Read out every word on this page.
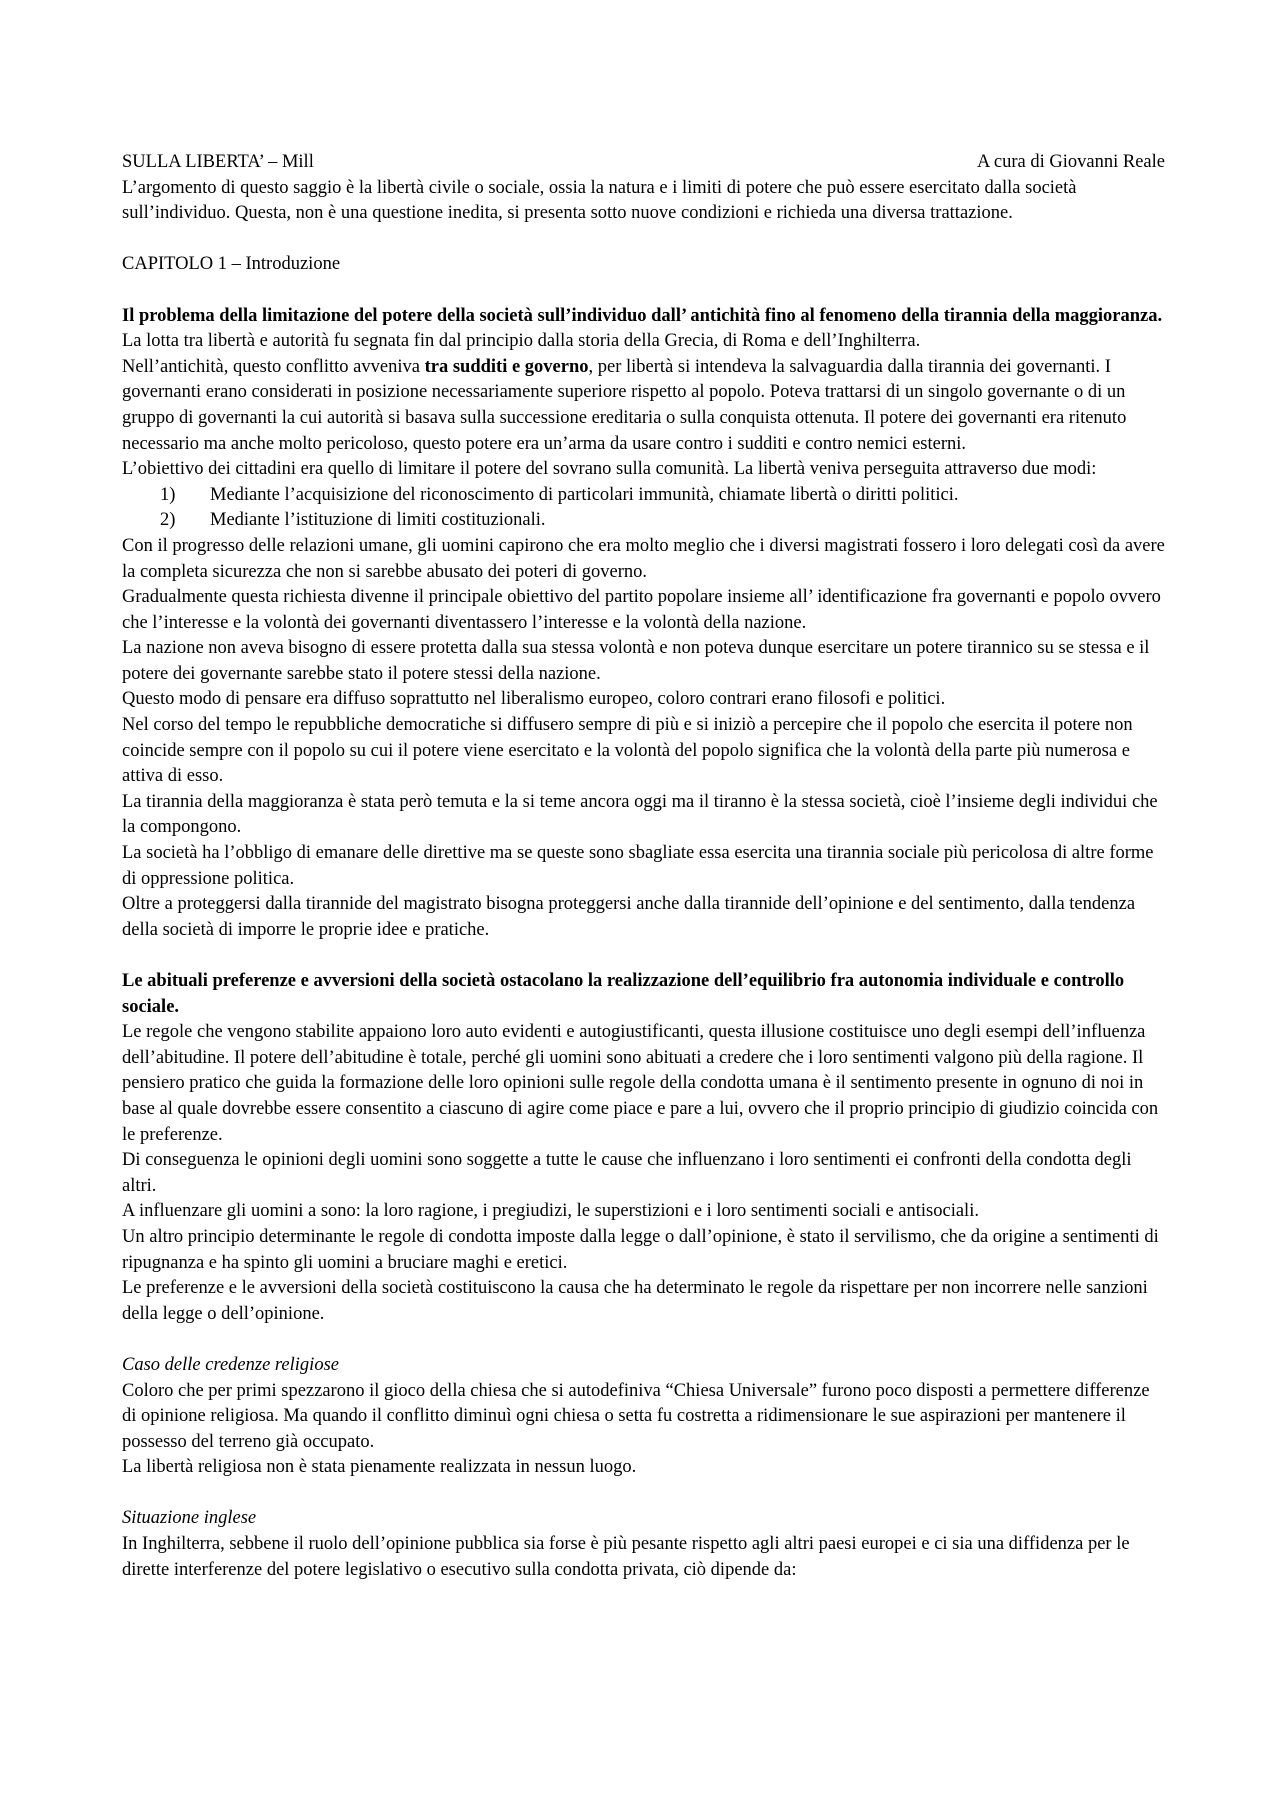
SULLA LIBERTA’ – Mill	A cura di Giovanni Reale

L’argomento di questo saggio è la libertà civile o sociale, ossia la natura e i limiti di potere che può essere esercitato dalla società sull’individuo. Questa, non è una questione inedita, si presenta sotto nuove condizioni e richieda una diversa trattazione.

CAPITOLO 1 – Introduzione

Il problema della limitazione del potere della società sull’individuo dall’ antichità fino al fenomeno della tirannia della maggioranza.

La lotta tra libertà e autorità fu segnata fin dal principio dalla storia della Grecia, di Roma e dell’Inghilterra.

Nell’antichità, questo conflitto avveniva tra sudditi e governo, per libertà si intendeva la salvaguardia dalla tirannia dei governanti. I governanti erano considerati in posizione necessariamente superiore rispetto al popolo. Poteva trattarsi di un singolo governante o di un gruppo di governanti la cui autorità si basava sulla successione ereditaria o sulla conquista ottenuta. Il potere dei governanti era ritenuto necessario ma anche molto pericoloso, questo potere era un’arma da usare contro i sudditi e contro nemici esterni.

L’obiettivo dei cittadini era quello di limitare il potere del sovrano sulla comunità. La libertà veniva perseguita attraverso due modi:

1)	Mediante l’acquisizione del riconoscimento di particolari immunità, chiamate libertà o diritti politici.
2)	Mediante l’istituzione di limiti costituzionali.

Con il progresso delle relazioni umane, gli uomini capirono che era molto meglio che i diversi magistrati fossero i loro delegati così da avere la completa sicurezza che non si sarebbe abusato dei poteri di governo.

Gradualmente questa richiesta divenne il principale obiettivo del partito popolare insieme all’ identificazione fra governanti e popolo ovvero che l’interesse e la volontà dei governanti diventassero l’interesse e la volontà della nazione.

La nazione non aveva bisogno di essere protetta dalla sua stessa volontà e non poteva dunque esercitare un potere tirannico su se stessa e il potere dei governante sarebbe stato il potere stessi della nazione.

Questo modo di pensare era diffuso soprattutto nel liberalismo europeo, coloro contrari erano filosofi e politici.

Nel corso del tempo le repubbliche democratiche si diffusero sempre di più e si iniziò a percepire che il popolo che esercita il potere non coincide sempre con il popolo su cui il potere viene esercitato e la volontà del popolo significa che la volontà della parte più numerosa e attiva di esso.

La tirannia della maggioranza è stata però temuta e la si teme ancora oggi ma il tiranno è la stessa società, cioè l’insieme degli individui che la compongono.

La società ha l’obbligo di emanare delle direttive ma se queste sono sbagliate essa esercita una tirannia sociale più pericolosa di altre forme di oppressione politica.

Oltre a proteggersi dalla tirannide del magistrato bisogna proteggersi anche dalla tirannide dell’opinione e del sentimento, dalla tendenza della società di imporre le proprie idee e pratiche.

Le abituali preferenze e avversioni della società ostacolano la realizzazione dell’equilibrio fra autonomia individuale e controllo sociale.

Le regole che vengono stabilite appaiono loro auto evidenti e autogiustificanti, questa illusione costituisce uno degli esempi dell’influenza dell’abitudine. Il potere dell’abitudine è totale, perché gli uomini sono abituati a credere che i loro sentimenti valgono più della ragione. Il pensiero pratico che guida la formazione delle loro opinioni sulle regole della condotta umana è il sentimento presente in ognuno di noi in base al quale dovrebbe essere consentito a ciascuno di agire come piace e pare a lui, ovvero che il proprio principio di giudizio coincida con le preferenze.

Di conseguenza le opinioni degli uomini sono soggette a tutte le cause che influenzano i loro sentimenti ei confronti della condotta degli altri.

A influenzare gli uomini a sono: la loro ragione, i pregiudizi, le superstizioni e i loro sentimenti sociali e antisociali.

Un altro principio determinante le regole di condotta imposte dalla legge o dall’opinione, è stato il servilismo, che da origine a sentimenti di ripugnanza e ha spinto gli uomini a bruciare maghi e eretici.

Le preferenze e le avversioni della società costituiscono la causa che ha determinato le regole da rispettare per non incorrere nelle sanzioni della legge o dell’opinione.

Caso delle credenze religiose

Coloro che per primi spezzarono il gioco della chiesa che si autodefiniva “Chiesa Universale” furono poco disposti a permettere differenze di opinione religiosa. Ma quando il conflitto diminuì ogni chiesa o setta fu costretta a ridimensionare le sue aspirazioni per mantenere il possesso del terreno già occupato.

La libertà religiosa non è stata pienamente realizzata in nessun luogo.

Situazione inglese

In Inghilterra, sebbene il ruolo dell’opinione pubblica sia forse è più pesante rispetto agli altri paesi europei e ci sia una diffidenza per le dirette interferenze del potere legislativo o esecutivo sulla condotta privata, ciò dipende da:
